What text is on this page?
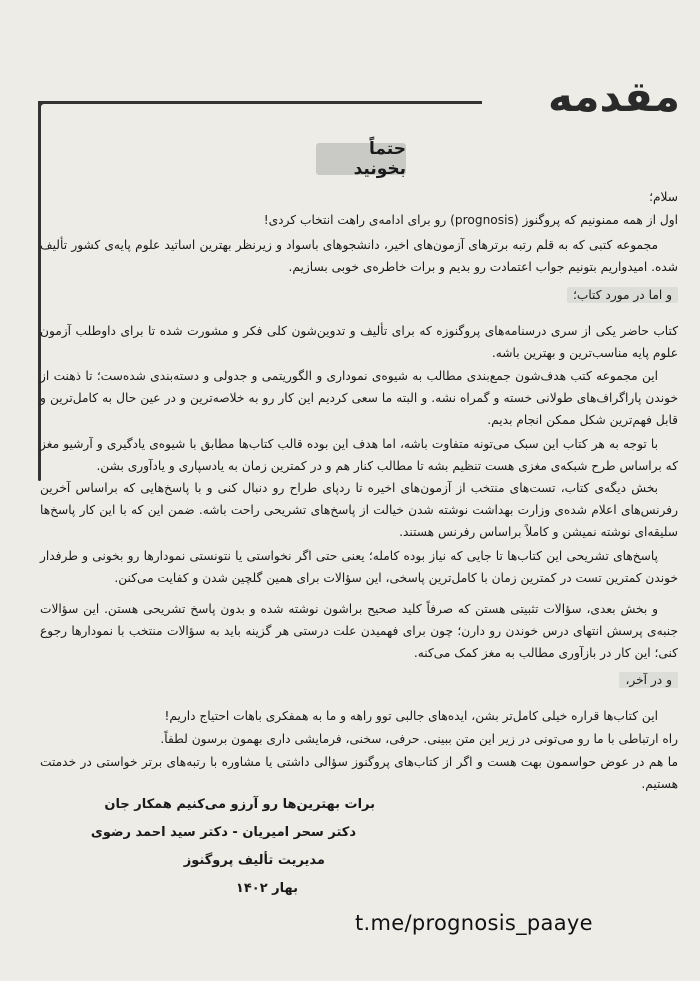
مقدمه
حتماً بخونید

سلام؛

اول از همه ممنونیم که پروگنوز (prognosis) رو برای ادامه‌ی راهت انتخاب کردی!

مجموعه کتبی که به قلم رتبه برترهای آزمون‌های اخیر، دانشجوهای باسواد و زیرنظر بهترین اساتید علوم پایه‌ی کشور تألیف شده. امیدواریم بتونیم جواب اعتمادت رو بدیم و برات خاطره‌ی خوبی بسازیم.

و اما در مورد کتاب؛

کتاب حاضر یکی از سری درسنامه‌های پروگنوزه که برای تألیف و تدوین‌شون کلی فکر و مشورت شده تا برای داوطلب آزمون علوم پایه مناسب‌ترین و بهترین باشه.

این مجموعه کتب هدف‌شون جمع‌بندی مطالب به شیوه‌ی نموداری و الگوریتمی و جدولی و دسته‌بندی شده‌ست؛ تا ذهنت از خوندن پاراگراف‌های طولانی خسته و گمراه نشه. و البته ما سعی کردیم این کار رو به خلاصه‌ترین و در عین حال به کامل‌ترین و قابل فهم‌ترین شکل ممکن انجام بدیم.

با توجه به هر کتاب این سبک می‌تونه متفاوت باشه، اما هدف این بوده قالب کتاب‌ها مطابق با شیوه‌ی یادگیری و آرشیو مغز که براساس طرح شبکه‌ی مغزی هست تنظیم بشه تا مطالب کنار هم و در کمترین زمان به یادسپاری و یادآوری بشن.

بخش دیگه‌ی کتاب، تست‌های منتخب از آزمون‌های اخیره تا ردپای طراح رو دنبال کنی و با پاسخ‌هایی که براساس آخرین رفرنس‌های اعلام شده‌ی وزارت بهداشت نوشته شدن خیالت از پاسخ‌های تشریحی راحت باشه. ضمن این که با این کار پاسخ‌ها سلیقه‌ای نوشته نمیشن و کاملاً براساس رفرنس هستند.

پاسخ‌های تشریحی این کتاب‌ها تا جایی که نیاز بوده کامله؛ یعنی حتی اگر نخواستی یا نتونستی نمودارها رو بخونی و طرفدار خوندن کمترین تست در کمترین زمان با کامل‌ترین پاسخی، این سؤالات برای همین گلچین شدن و کفایت می‌کنن.

و بخش بعدی، سؤالات تثبیتی هستن که صرفاً کلید صحیح براشون نوشته شده و بدون پاسخ تشریحی هستن. این سؤالات جنبه‌ی پرسش انتهای درس خوندن رو دارن؛ چون برای فهمیدن علت درستی هر گزینه باید به سؤالات منتخب با نمودارها رجوع کنی؛ این کار در بازآوری مطالب به مغز کمک می‌کنه.

و در آخر،

این کتاب‌ها قراره خیلی کامل‌تر بشن، ایده‌های جالبی توو راهه و ما به همفکری باهات احتیاج داریم!

راه ارتباطی با ما رو می‌تونی در زیر این متن ببینی. حرفی، سخنی، فرمایشی داری بهمون برسون لطفاً.

ما هم در عوض حواسمون بهت هست و اگر از کتاب‌های پروگنوز سؤالی داشتی یا مشاوره با رتبه‌های برتر خواستی در خدمتت هستیم.

برات بهترین‌ها رو آرزو می‌کنیم همکار جان

دکتر سحر امیریان - دکتر سید احمد رضوی

مدیریت تألیف پروگنوز

بهار ۱۴۰۲

t.me/prognosis_paaye
